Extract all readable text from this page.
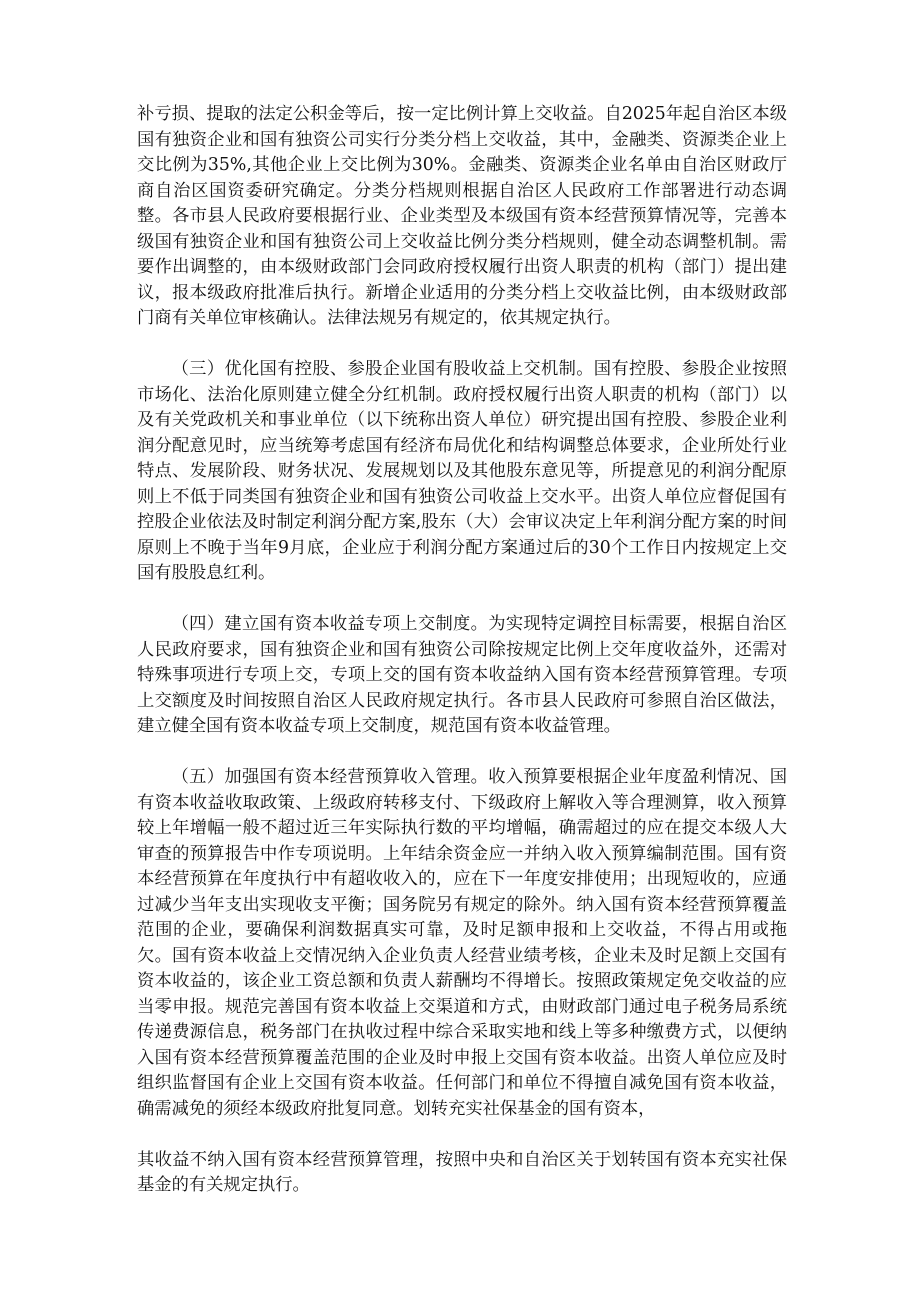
补亏损、提取的法定公积金等后，按一定比例计算上交收益。自2025年起自治区本级国有独资企业和国有独资公司实行分类分档上交收益，其中，金融类、资源类企业上交比例为35%,其他企业上交比例为30%。金融类、资源类企业名单由自治区财政厅商自治区国资委研究确定。分类分档规则根据自治区人民政府工作部署进行动态调整。各市县人民政府要根据行业、企业类型及本级国有资本经营预算情况等，完善本级国有独资企业和国有独资公司上交收益比例分类分档规则，健全动态调整机制。需要作出调整的，由本级财政部门会同政府授权履行出资人职责的机构（部门）提出建议，报本级政府批准后执行。新增企业适用的分类分档上交收益比例，由本级财政部门商有关单位审核确认。法律法规另有规定的，依其规定执行。

（三）优化国有控股、参股企业国有股收益上交机制。国有控股、参股企业按照市场化、法治化原则建立健全分红机制。政府授权履行出资人职责的机构（部门）以及有关党政机关和事业单位（以下统称出资人单位）研究提出国有控股、参股企业利润分配意见时，应当统筹考虑国有经济布局优化和结构调整总体要求，企业所处行业特点、发展阶段、财务状况、发展规划以及其他股东意见等，所提意见的利润分配原则上不低于同类国有独资企业和国有独资公司收益上交水平。出资人单位应督促国有控股企业依法及时制定利润分配方案,股东（大）会审议决定上年利润分配方案的时间原则上不晚于当年9月底，企业应于利润分配方案通过后的30个工作日内按规定上交国有股股息红利。

（四）建立国有资本收益专项上交制度。为实现特定调控目标需要，根据自治区人民政府要求，国有独资企业和国有独资公司除按规定比例上交年度收益外，还需对特殊事项进行专项上交，专项上交的国有资本收益纳入国有资本经营预算管理。专项上交额度及时间按照自治区人民政府规定执行。各市县人民政府可参照自治区做法，建立健全国有资本收益专项上交制度，规范国有资本收益管理。

（五）加强国有资本经营预算收入管理。收入预算要根据企业年度盈利情况、国有资本收益收取政策、上级政府转移支付、下级政府上解收入等合理测算，收入预算较上年增幅一般不超过近三年实际执行数的平均增幅，确需超过的应在提交本级人大审查的预算报告中作专项说明。上年结余资金应一并纳入收入预算编制范围。国有资本经营预算在年度执行中有超收收入的，应在下一年度安排使用；出现短收的，应通过减少当年支出实现收支平衡；国务院另有规定的除外。纳入国有资本经营预算覆盖范围的企业，要确保利润数据真实可靠，及时足额申报和上交收益，不得占用或拖欠。国有资本收益上交情况纳入企业负责人经营业绩考核，企业未及时足额上交国有资本收益的，该企业工资总额和负责人薪酬均不得增长。按照政策规定免交收益的应当零申报。规范完善国有资本收益上交渠道和方式，由财政部门通过电子税务局系统传递费源信息，税务部门在执收过程中综合采取实地和线上等多种缴费方式，以便纳入国有资本经营预算覆盖范围的企业及时申报上交国有资本收益。出资人单位应及时组织监督国有企业上交国有资本收益。任何部门和单位不得擅自减免国有资本收益，确需减免的须经本级政府批复同意。划转充实社保基金的国有资本，

其收益不纳入国有资本经营预算管理，按照中央和自治区关于划转国有资本充实社保基金的有关规定执行。
